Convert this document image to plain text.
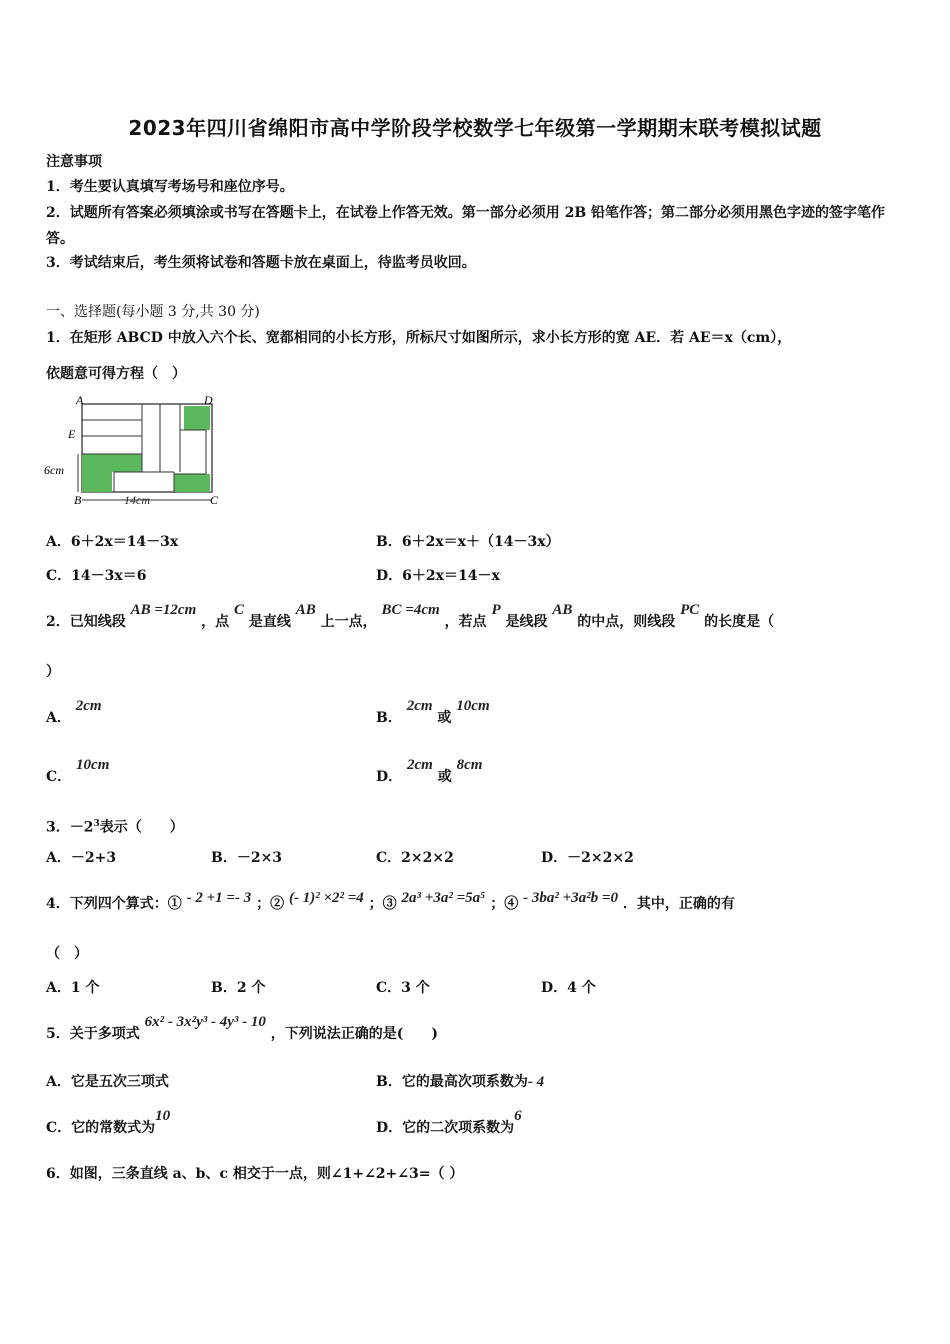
2023年四川省绵阳市高中学阶段学校数学七年级第一学期期末联考模拟试题
注意事项
1．考生要认真填写考场号和座位序号。
2．试题所有答案必须填涂或书写在答题卡上，在试卷上作答无效。第一部分必须用 2B 铅笔作答；第二部分必须用黑色字迹的签字笔作答。
3．考试结束后，考生须将试卷和答题卡放在桌面上，待监考员收回。
一、选择题(每小题 3 分,共 30 分)
1．在矩形 ABCD 中放入六个长、宽都相同的小长方形，所标尺寸如图所示，求小长方形的宽 AE．若 AE＝x（cm），
依题意可得方程（　）
A	D
E
B	C
6cm
14cm
A．6＋2x＝14－3x	B．6＋2x＝x＋（14－3x）
C．14－3x＝6	D．6＋2x＝14－x
2．已知线段 AB =12cm ，点 C 是直线 AB 上一点， BC =4cm ，若点 P 是线段 AB 的中点，则线段 PC 的长度是（
）
A． 2cm
B． 2cm 或 10cm
C． 10cm
D． 2cm 或 8cm
3．$-2^3$表示（　　）
A．－2+3	B．－2×3	C．2×2×2	D．－2×2×2
4．下列四个算式：① - 2 +1 =- 3 ；② (- 1)² ×2² =4 ；③ 2a³ +3a² =5a⁵ ；④ - 3ba² +3a²b =0 ．其中，正确的有
（　）
A．1 个	B．2 个	C．3 个	D．4 个
5．关于多项式 6x² - 3x²y³ - 4y³ - 10 ，下列说法正确的是(　　)
A．它是五次三项式	B．它的最高次项系数为- 4
C．它的常数式为10
D．它的二次项系数为6
6．如图，三条直线 a、b、c 相交于一点，则∠1+∠2+∠3=（ ）
